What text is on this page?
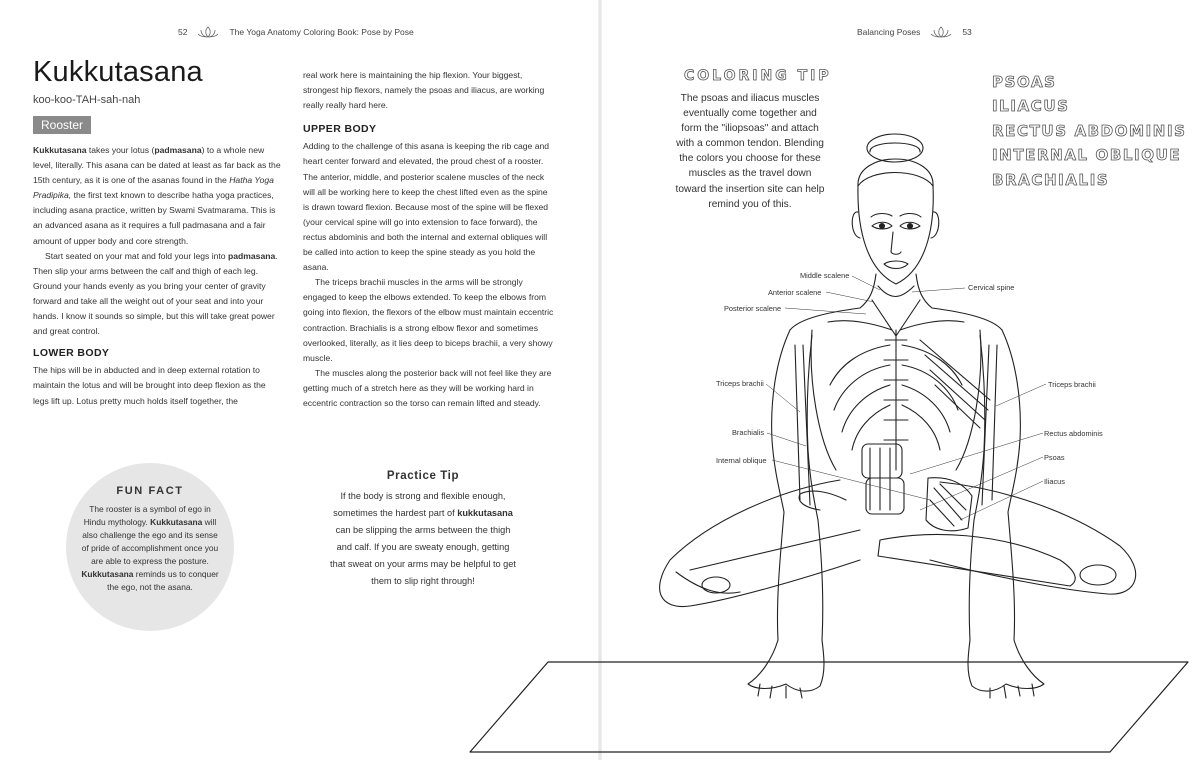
52	The Yoga Anatomy Coloring Book: Pose by Pose
Kukkutasana
koo-koo-TAH-sah-nah
Rooster

Kukkutasana takes your lotus (padmasana) to a whole new level, literally. This asana can be dated at least as far back as the 15th century, as it is one of the asanas found in the Hatha Yoga Pradipika, the first text known to describe hatha yoga practices, including asana practice, written by Swami Svatmarama. This is an advanced asana as it requires a full padmasana and a fair amount of upper body and core strength.

Start seated on your mat and fold your legs into padmasana. Then slip your arms between the calf and thigh of each leg. Ground your hands evenly as you bring your center of gravity forward and take all the weight out of your seat and into your hands. I know it sounds so simple, but this will take great power and great control.

LOWER BODY

The hips will be in abducted and in deep external rotation to maintain the lotus and will be brought into deep flexion as the legs lift up. Lotus pretty much holds itself together, the

real work here is maintaining the hip flexion. Your biggest, strongest hip flexors, namely the psoas and iliacus, are working really really hard here.

UPPER BODY

Adding to the challenge of this asana is keeping the rib cage and heart center forward and elevated, the proud chest of a rooster. The anterior, middle, and posterior scalene muscles of the neck will all be working here to keep the chest lifted even as the spine is drawn toward flexion. Because most of the spine will be flexed (your cervical spine will go into extension to face forward), the rectus abdominis and both the internal and external obliques will be called into action to keep the spine steady as you hold the asana.

The triceps brachii muscles in the arms will be strongly engaged to keep the elbows extended. To keep the elbows from going into flexion, the flexors of the elbow must maintain eccentric contraction. Brachialis is a strong elbow flexor and sometimes overlooked, literally, as it lies deep to biceps brachii, a very showy muscle.

The muscles along the posterior back will not feel like they are getting much of a stretch here as they will be working hard in eccentric contraction so the torso can remain lifted and steady.

FUN FACT
The rooster is a symbol of ego in Hindu mythology. Kukkutasana will also challenge the ego and its sense of pride of accomplishment once you are able to express the posture. Kukkutasana reminds us to conquer the ego, not the asana.
Practice Tip
If the body is strong and flexible enough, sometimes the hardest part of kukkutasana can be slipping the arms between the thigh and calf. If you are sweaty enough, getting that sweat on your arms may be helpful to get them to slip right through!
Balancing Poses	53
COLORING TIP
The psoas and iliacus muscles eventually come together and form the "iliopsoas" and attach with a common tendon. Blending the colors you choose for these muscles as the travel down toward the insertion site can help remind you of this.
PSOAS
ILIACUS
RECTUS ABDOMINIS
INTERNAL OBLIQUE
BRACHIALIS
Middle scalene
Anterior scalene
Posterior scalene
Cervical spine
Triceps brachii	Triceps brachii
Brachialis	Rectus abdominis
Internal oblique	Psoas
Iliacus
